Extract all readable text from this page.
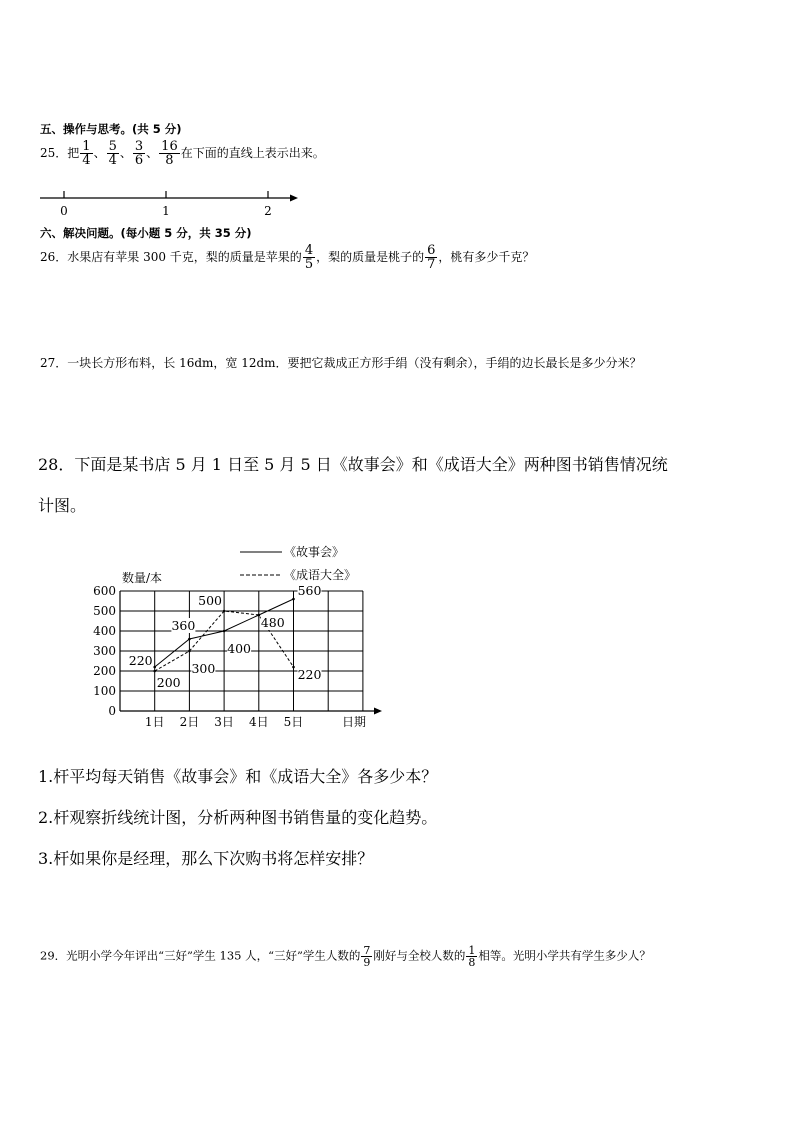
五、操作与思考。(共 5 分)
25．把 $\frac{1}{4}$ 、 $\frac{5}{4}$ 、 $\frac{3}{6}$ 、 $\frac{16}{8}$ 在下面的直线上表示出来。
0	1	2
六、解决问题。(每小题 5 分，共 35 分)
26．水果店有苹果 300 千克，梨的质量是苹果的 $\frac{4}{5}$ ，梨的质量是桃子的 $\frac{6}{7}$ ，桃有多少千克？
27．一块长方形布料，长 16dm，宽 12dm．要把它裁成正方形手绢（没有剩余），手绢的边长最长是多少分米？
28．下面是某书店 5 月 1 日至 5 月 5 日《故事会》和《成语大全》两种图书销售情况统
计图。
《故事会》
《成语大全》
数量/本
日期
0
100
200
300
400
500
600
1日 2日 3日 4日 5日
220
360
560
200
300
500
480
220
400
1.杆平均每天销售《故事会》和《成语大全》各多少本？
2.杆观察折线统计图，分析两种图书销售量的变化趋势。
3.杆如果你是经理，那么下次购书将怎样安排？
29．光明小学今年评出“三好”学生 135 人，“三好”学生人数的 $\frac{7}{9}$ 刚好与全校人数的 $\frac{1}{8}$ 相等。光明小学共有学生多少人？
